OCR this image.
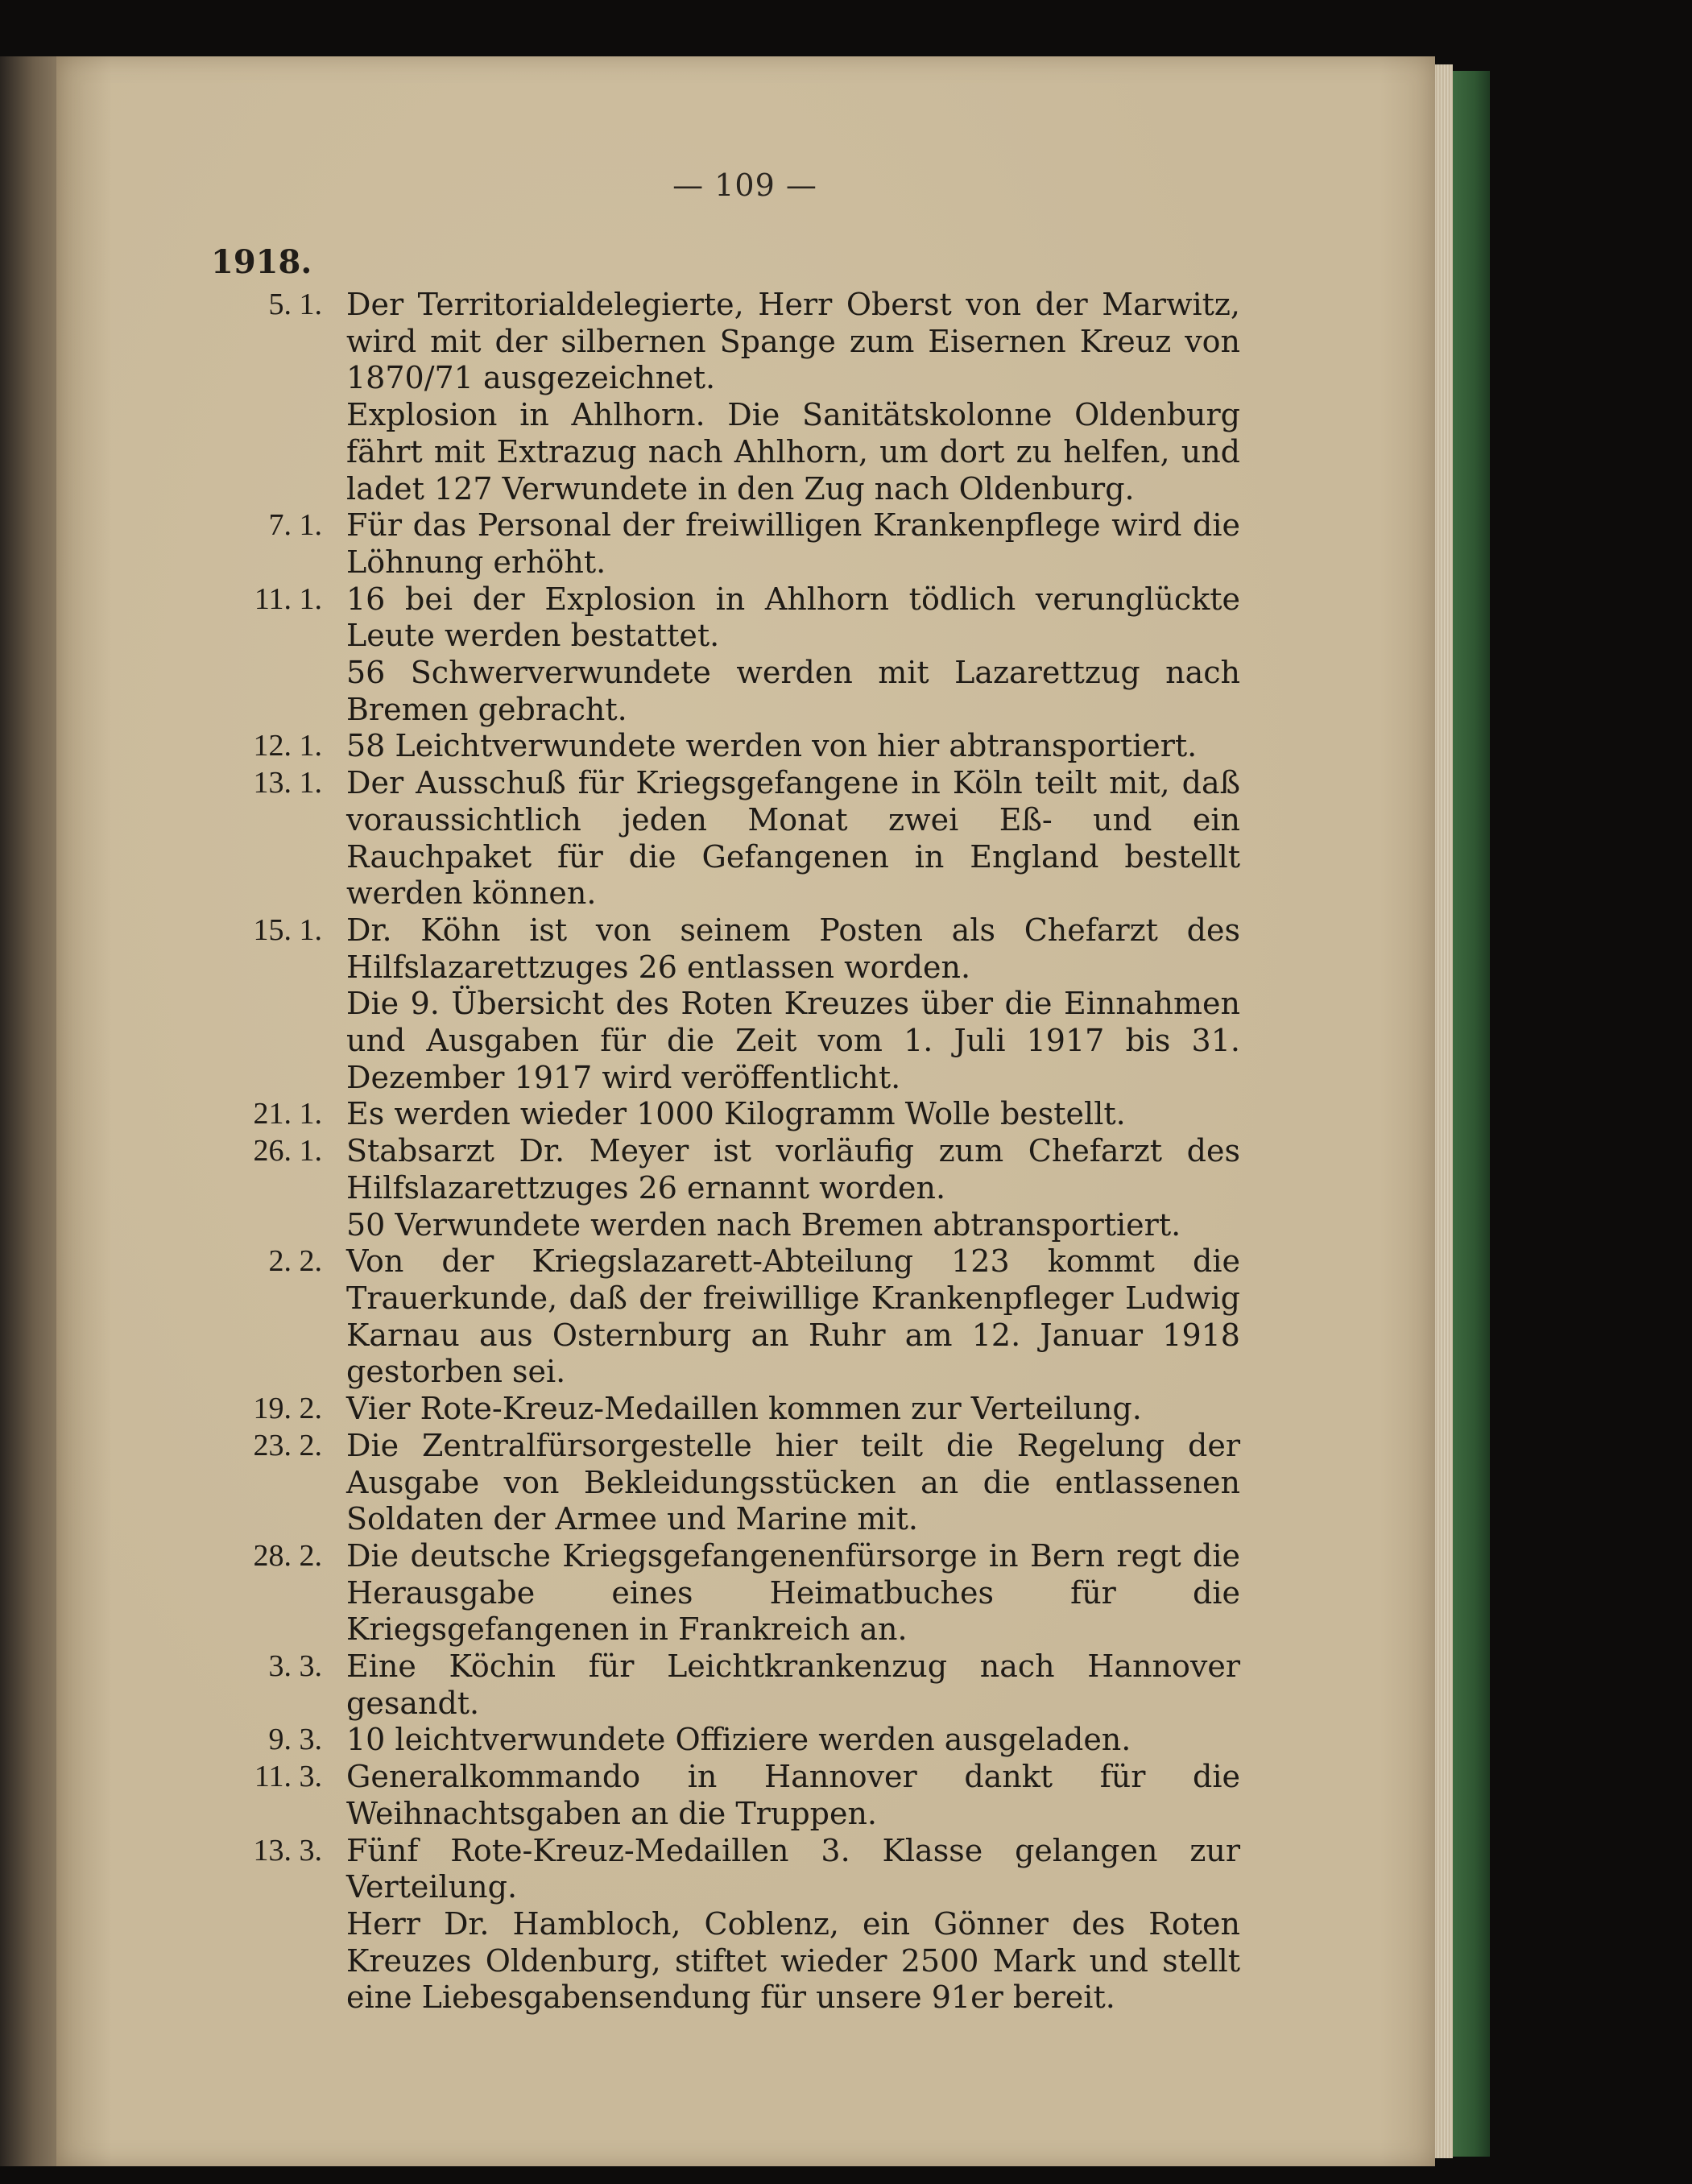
— 109 —
1918.
5. 1. Der Territorialdelegierte, Herr Oberst von der Marwitz, wird mit der silbernen Spange zum Eisernen Kreuz von 1870/71 ausgezeichnet.

Explosion in Ahlhorn. Die Sanitätskolonne Oldenburg fährt mit Extrazug nach Ahlhorn, um dort zu helfen, und ladet 127 Verwundete in den Zug nach Oldenburg.

7. 1. Für das Personal der freiwilligen Krankenpflege wird die Löhnung erhöht.

11. 1. 16 bei der Explosion in Ahlhorn tödlich verunglückte Leute werden bestattet.

56 Schwerverwundete werden mit Lazarettzug nach Bremen gebracht.

12. 1. 58 Leichtverwundete werden von hier abtransportiert.

13. 1. Der Ausschuß für Kriegsgefangene in Köln teilt mit, daß voraussichtlich jeden Monat zwei Eß- und ein Rauchpaket für die Gefangenen in England bestellt werden können.

15. 1. Dr. Köhn ist von seinem Posten als Chefarzt des Hilfslazarettzuges 26 entlassen worden.

Die 9. Übersicht des Roten Kreuzes über die Einnahmen und Ausgaben für die Zeit vom 1. Juli 1917 bis 31. Dezember 1917 wird veröffentlicht.

21. 1. Es werden wieder 1000 Kilogramm Wolle bestellt.

26. 1. Stabsarzt Dr. Meyer ist vorläufig zum Chefarzt des Hilfslazarettzuges 26 ernannt worden.

50 Verwundete werden nach Bremen abtransportiert.

2. 2. Von der Kriegslazarett-Abteilung 123 kommt die Trauerkunde, daß der freiwillige Krankenpfleger Ludwig Karnau aus Osternburg an Ruhr am 12. Januar 1918 gestorben sei.

19. 2. Vier Rote-Kreuz-Medaillen kommen zur Verteilung.

23. 2. Die Zentralfürsorgestelle hier teilt die Regelung der Ausgabe von Bekleidungsstücken an die entlassenen Soldaten der Armee und Marine mit.

28. 2. Die deutsche Kriegsgefangenenfürsorge in Bern regt die Herausgabe eines Heimatbuches für die Kriegsgefangenen in Frankreich an.

3. 3. Eine Köchin für Leichtkrankenzug nach Hannover gesandt.

9. 3. 10 leichtverwundete Offiziere werden ausgeladen.

11. 3. Generalkommando in Hannover dankt für die Weihnachtsgaben an die Truppen.

13. 3. Fünf Rote-Kreuz-Medaillen 3. Klasse gelangen zur Verteilung.

Herr Dr. Hambloch, Coblenz, ein Gönner des Roten Kreuzes Oldenburg, stiftet wieder 2500 Mark und stellt eine Liebesgabensendung für unsere 91er bereit.
